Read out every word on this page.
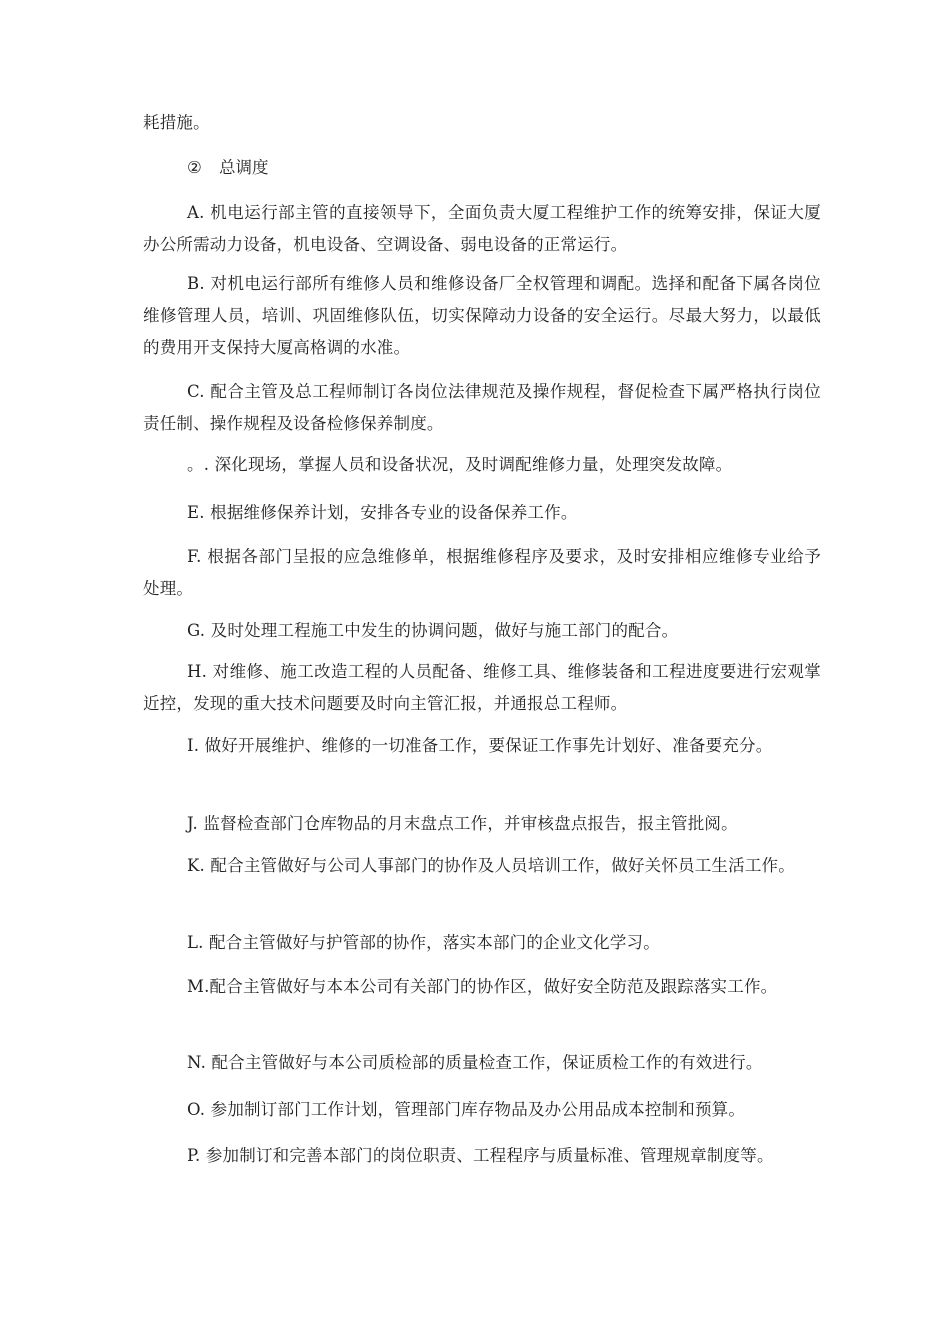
耗措施。

② 总调度

A. 机电运行部主管的直接领导下，全面负责大厦工程维护工作的统筹安排，保证大厦办公所需动力设备，机电设备、空调设备、弱电设备的正常运行。

B. 对机电运行部所有维修人员和维修设备厂全权管理和调配。选择和配备下属各岗位维修管理人员，培训、巩固维修队伍，切实保障动力设备的安全运行。尽最大努力，以最低的费用开支保持大厦高格调的水准。

C. 配合主管及总工程师制订各岗位法律规范及操作规程，督促检查下属严格执行岗位责任制、操作规程及设备检修保养制度。

。. 深化现场，掌握人员和设备状况，及时调配维修力量，处理突发故障。

E. 根据维修保养计划，安排各专业的设备保养工作。

F. 根据各部门呈报的应急维修单，根据维修程序及要求，及时安排相应维修专业给予处理。

G. 及时处理工程施工中发生的协调问题，做好与施工部门的配合。

H. 对维修、施工改造工程的人员配备、维修工具、维修装备和工程进度要进行宏观掌近控，发现的重大技术问题要及时向主管汇报，并通报总工程师。

I. 做好开展维护、维修的一切准备工作，要保证工作事先计划好、准备要充分。

J. 监督检查部门仓库物品的月末盘点工作，并审核盘点报告，报主管批阅。

K. 配合主管做好与公司人事部门的协作及人员培训工作，做好关怀员工生活工作。

L. 配合主管做好与护管部的协作，落实本部门的企业文化学习。

M.配合主管做好与本本公司有关部门的协作区，做好安全防范及跟踪落实工作。

N. 配合主管做好与本公司质检部的质量检查工作，保证质检工作的有效进行。

O. 参加制订部门工作计划，管理部门库存物品及办公用品成本控制和预算。

P. 参加制订和完善本部门的岗位职责、工程程序与质量标准、管理规章制度等。
